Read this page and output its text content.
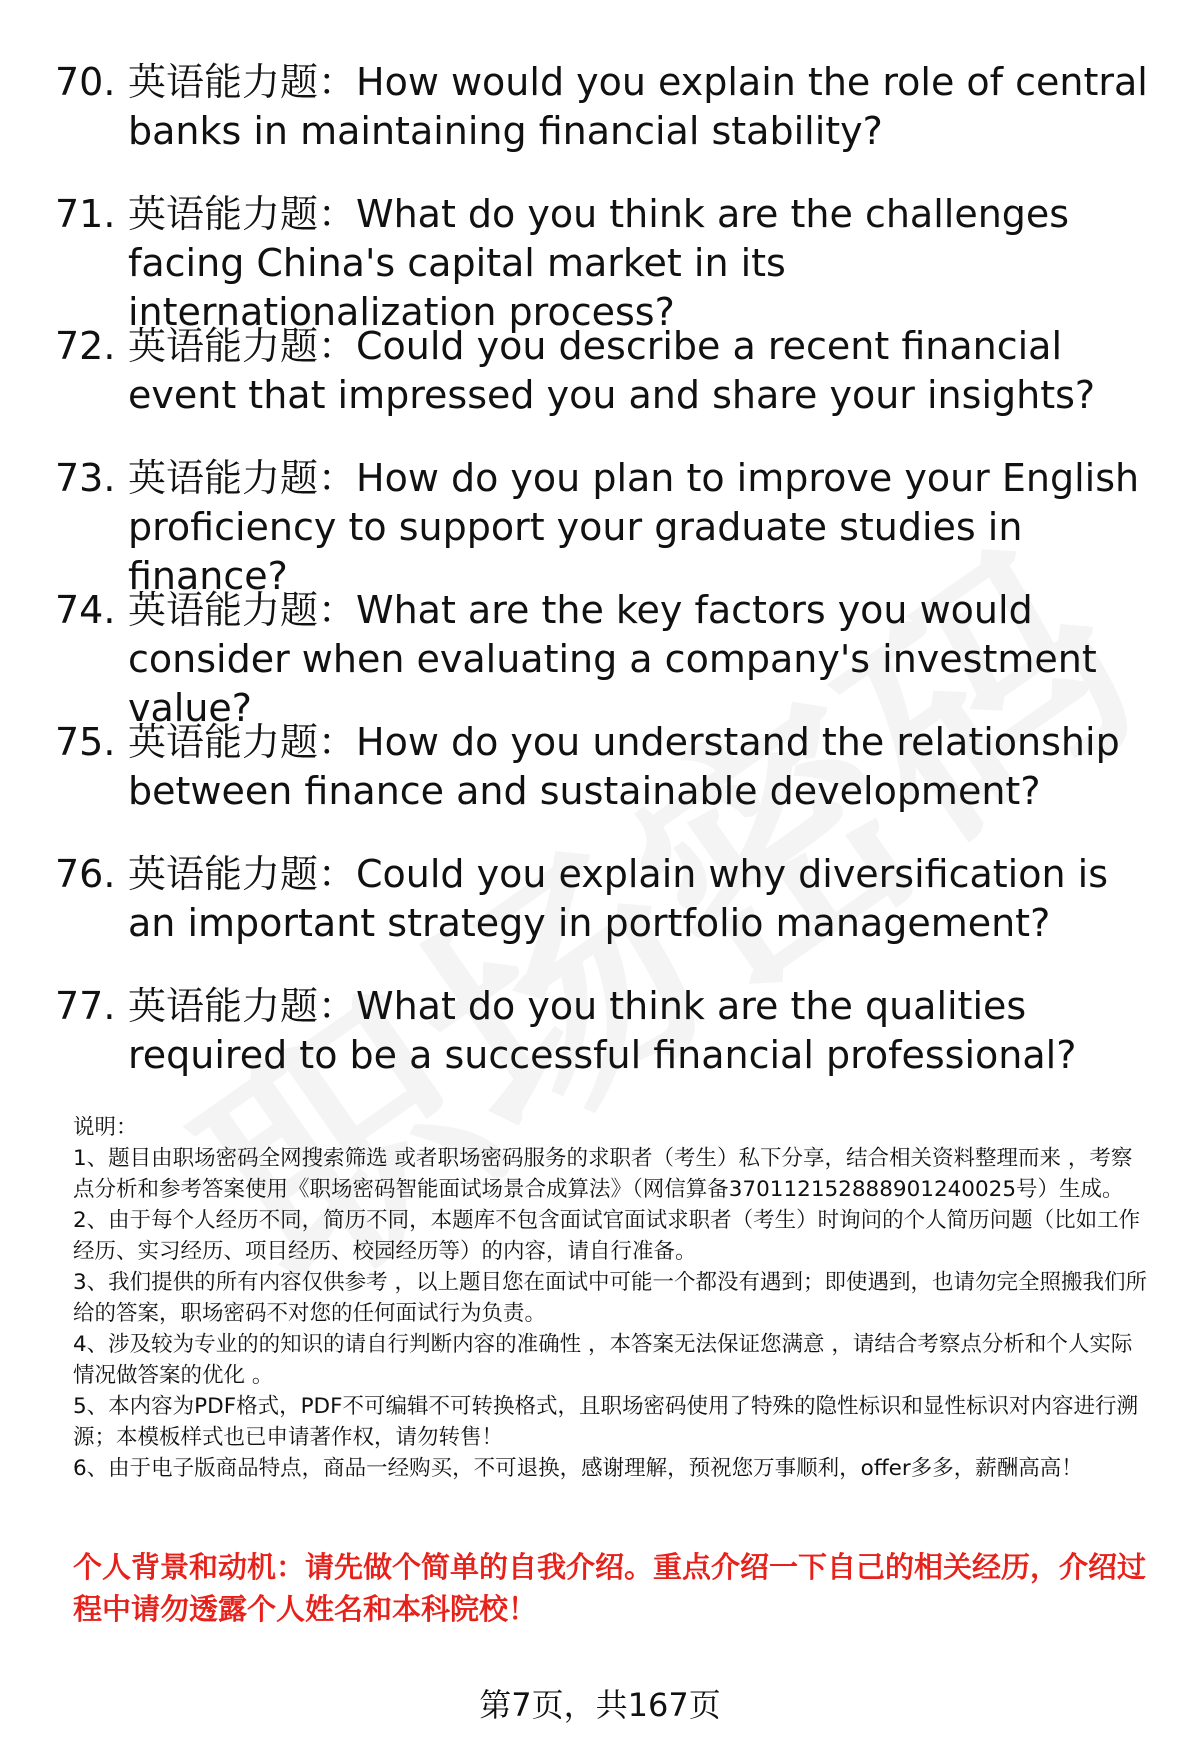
70. 英语能力题：How would you explain the role of central banks in maintaining financial stability?
71. 英语能力题：What do you think are the challenges facing China's capital market in its internationalization process?
72. 英语能力题：Could you describe a recent financial event that impressed you and share your insights?
73. 英语能力题：How do you plan to improve your English proficiency to support your graduate studies in finance?
74. 英语能力题：What are the key factors you would consider when evaluating a company's investment value?
75. 英语能力题：How do you understand the relationship between finance and sustainable development?
76. 英语能力题：Could you explain why diversification is an important strategy in portfolio management?
77. 英语能力题：What do you think are the qualities required to be a successful financial professional?

说明：

1、题目由职场密码全网搜索筛选 或者职场密码服务的求职者（考生）私下分享，结合相关资料整理而来 ，考察点分析和参考答案使用《职场密码智能面试场景合成算法》（网信算备370112152888901240025号）生成。

2、由于每个人经历不同，简历不同，本题库不包含面试官面试求职者（考生）时询问的个人简历问题（比如工作经历、实习经历、项目经历、校园经历等）的内容，请自行准备。

3、我们提供的所有内容仅供参考 ，以上题目您在面试中可能一个都没有遇到；即使遇到，也请勿完全照搬我们所给的答案，职场密码不对您的任何面试行为负责。

4、涉及较为专业的的知识的请自行判断内容的准确性 ，本答案无法保证您满意 ，请结合考察点分析和个人实际情况做答案的优化 。

5、本内容为PDF格式，PDF不可编辑不可转换格式，且职场密码使用了特殊的隐性标识和显性标识对内容进行溯源；本模板样式也已申请著作权，请勿转售！

6、由于电子版商品特点，商品一经购买，不可退换，感谢理解，预祝您万事顺利，offer多多，薪酬高高！

个人背景和动机：请先做个简单的自我介绍。重点介绍一下自己的相关经历，介绍过程中请勿透露个人姓名和本科院校！
第7页，共167页
